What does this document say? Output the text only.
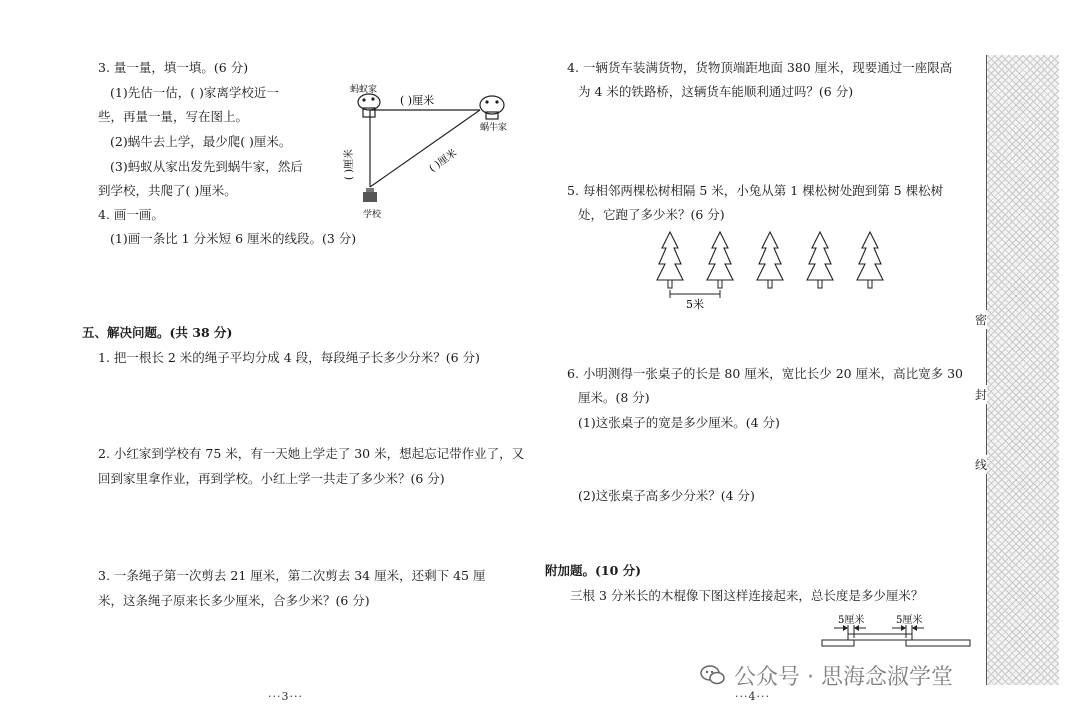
3. 量一量，填一填。(6 分)
(1)先估一估，( )家离学校近一
些，再量一量，写在图上。
(2)蜗牛去上学，最少爬( )厘米。
(3)蚂蚁从家出发先到蜗牛家，然后
到学校，共爬了( )厘米。
4. 画一画。
(1)画一条比 1 分米短 6 厘米的线段。(3 分)
蚂蚁家
蜗牛家
学校
( )厘米
( )厘米	( )厘米
五、解决问题。(共 38 分)
1. 把一根长 2 米的绳子平均分成 4 段，每段绳子长多少分米？(6 分)
2. 小红家到学校有 75 米，有一天她上学走了 30 米，想起忘记带作业了，又
回到家里拿作业，再到学校。小红上学一共走了多少米？(6 分)
3. 一条绳子第一次剪去 21 厘米，第二次剪去 34 厘米，还剩下 45 厘
米，这条绳子原来长多少厘米，合多少米？(6 分)
···3···
4. 一辆货车装满货物，货物顶端距地面 380 厘米，现要通过一座限高
为 4 米的铁路桥，这辆货车能顺利通过吗？(6 分)
5. 每相邻两棵松树相隔 5 米，小兔从第 1 棵松树处跑到第 5 棵松树
处，它跑了多少米？(6 分)
5米
6. 小明测得一张桌子的长是 80 厘米，宽比长少 20 厘米，高比宽多 30
厘米。(8 分)
(1)这张桌子的宽是多少厘米。(4 分)
(2)这张桌子高多少分米？(4 分)
附加题。(10 分)
三根 3 分米长的木棍像下图这样连接起来，总长度是多少厘米？
5厘米	5厘米
···4···
密
封
线
公众号 · 思海念淑学堂
